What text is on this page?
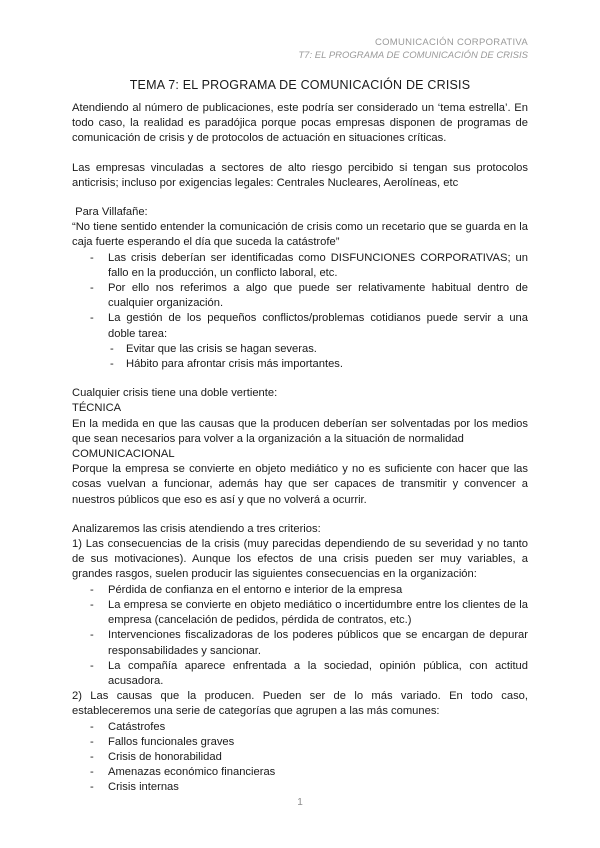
COMUNICACIÓN CORPORATIVA
T7: EL PROGRAMA DE COMUNICACIÓN DE CRISIS
TEMA 7: EL PROGRAMA DE COMUNICACIÓN DE CRISIS

Atendiendo al número de publicaciones, este podría ser considerado un ‘tema estrella’. En todo caso, la realidad es paradójica porque pocas empresas disponen de programas de comunicación de crisis y de protocolos de actuación en situaciones críticas.

Las empresas vinculadas a sectores de alto riesgo percibido si tengan sus protocolos anticrisis; incluso por exigencias legales: Centrales Nucleares, Aerolíneas, etc

Para Villafañe:

“No tiene sentido entender la comunicación de crisis como un recetario que se guarda en la caja fuerte esperando el día que suceda la catástrofe”

- Las crisis deberían ser identificadas como DISFUNCIONES CORPORATIVAS; un fallo en la producción, un conflicto laboral, etc.
- Por ello nos referimos a algo que puede ser relativamente habitual dentro de cualquier organización.
- La gestión de los pequeños conflictos/problemas cotidianos puede servir a una doble tarea:
- Evitar que las crisis se hagan severas.
- Hábito para afrontar crisis más importantes.

Cualquier crisis tiene una doble vertiente:

TÉCNICA

En la medida en que las causas que la producen deberían ser solventadas por los medios que sean necesarios para volver a la organización a la situación de normalidad

COMUNICACIONAL

Porque la empresa se convierte en objeto mediático y no es suficiente con hacer que las cosas vuelvan a funcionar, además hay que ser capaces de transmitir y convencer a nuestros públicos que eso es así y que no volverá a ocurrir.

Analizaremos las crisis atendiendo a tres criterios:

1) Las consecuencias de la crisis (muy parecidas dependiendo de su severidad y no tanto de sus motivaciones). Aunque los efectos de una crisis pueden ser muy variables, a grandes rasgos, suelen producir las siguientes consecuencias en la organización:

- Pérdida de confianza en el entorno e interior de la empresa
- La empresa se convierte en objeto mediático o incertidumbre entre los clientes de la empresa (cancelación de pedidos, pérdida de contratos, etc.)
- Intervenciones fiscalizadoras de los poderes públicos que se encargan de depurar responsabilidades y sancionar.
- La compañía aparece enfrentada a la sociedad, opinión pública, con actitud acusadora.

2) Las causas que la producen. Pueden ser de lo más variado. En todo caso, estableceremos una serie de categorías que agrupen a las más comunes:

- Catástrofes
- Fallos funcionales graves
- Crisis de honorabilidad
- Amenazas económico financieras
- Crisis internas
1
